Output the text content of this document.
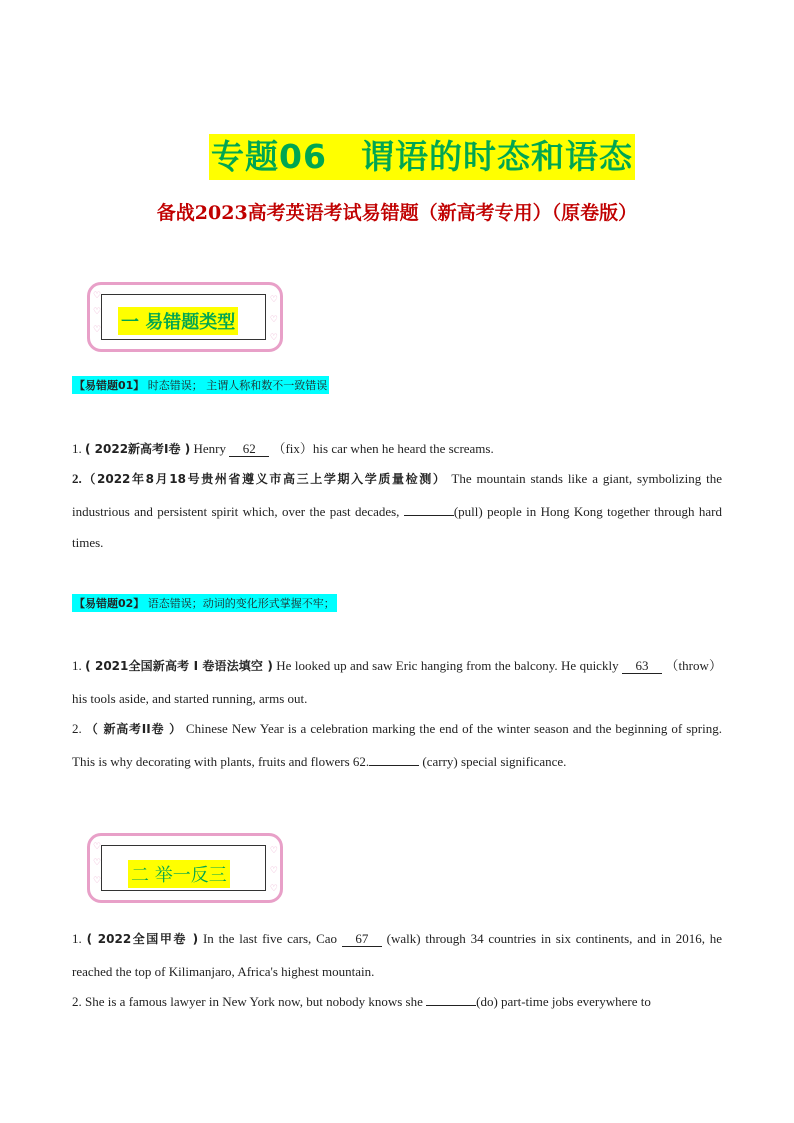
专题06　谓语的时态和语态
备战2023高考英语考试易错题（新高考专用）（原卷版）
♡
♡
♡
♡
♡
♡
一 易错题类型
【易错题01】 时态错误； 主谓人称和数不一致错误
1. ( 2022新高考I卷 ) Henry 62 （fix）his car when he heard the screams.
2.（2022年8月18号贵州省遵义市高三上学期入学质量检测） The mountain stands like a giant, symbolizing the industrious and persistent spirit which, over the past decades,	(pull) people in Hong Kong together through hard times.
【易错题02】 语态错误；动词的变化形式掌握不牢；
1. ( 2021全国新高考 I 卷语法填空 ) He looked up and saw Eric hanging from the balcony. He quickly 63 （throw）his tools aside, and started running, arms out.
2. （ 新高考II卷 ） Chinese New Year is a celebration marking the end of the winter season and the beginning of spring. This is why decorating with plants, fruits and flowers 62.	(carry) special significance.
♡
♡
♡
♡
♡
♡
二 举一反三
1. ( 2022全国甲卷 ) In the last five cars, Cao 67 (walk) through 34 countries in six continents, and in 2016, he reached the top of Kilimanjaro, Africa's highest mountain.
2. She is a famous lawyer in New York now, but nobody knows she	(do) part-time jobs everywhere to
